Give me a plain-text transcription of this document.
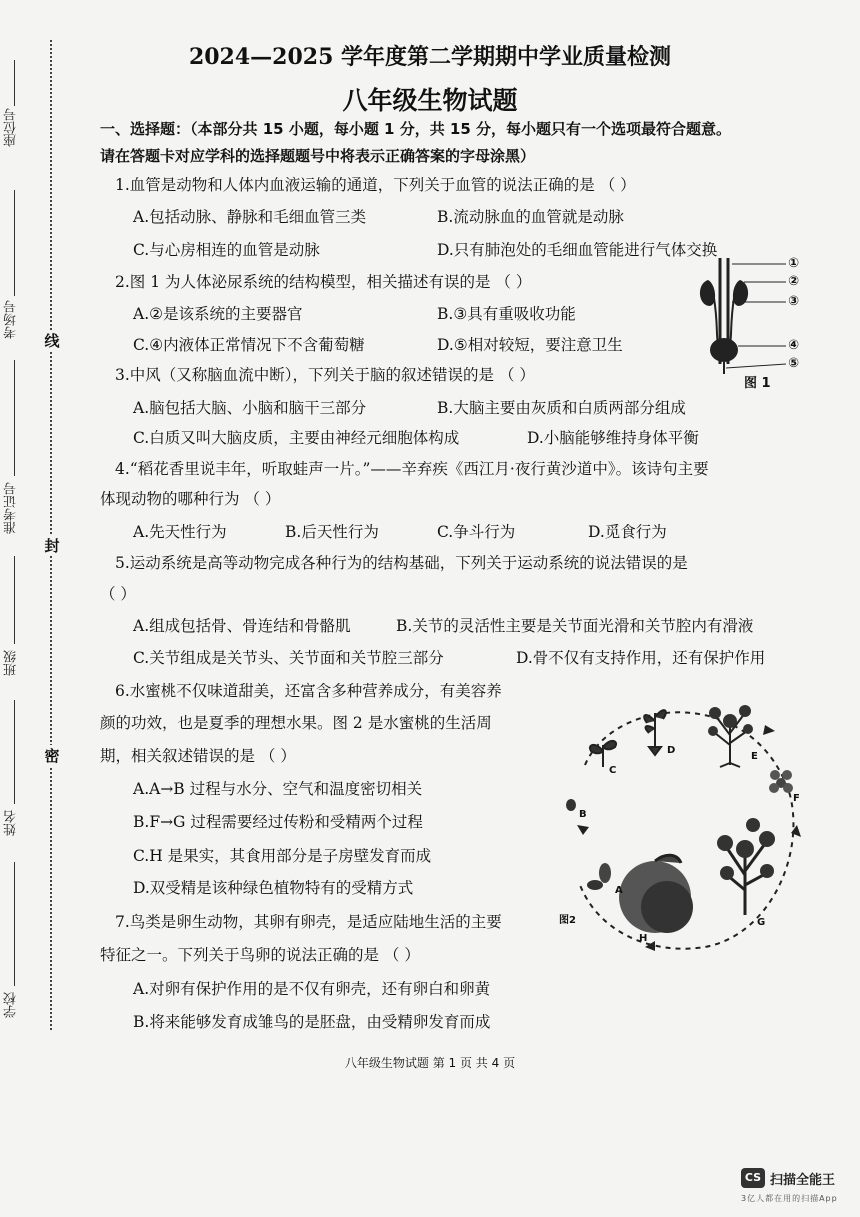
座位号
考场号
准考证号
班级
姓名
学校
线
封
密
2024—2025 学年度第二学期期中学业质量检测
八年级生物试题
一、选择题：（本部分共 15 小题，每小题 1 分，共 15 分，每小题只有一个选项最符合题意。
请在答题卡对应学科的选择题题号中将表示正确答案的字母涂黑）
1.血管是动物和人体内血液运输的通道，下列关于血管的说法正确的是 （ ）
A.包括动脉、静脉和毛细血管三类	B.流动脉血的血管就是动脉
C.与心房相连的血管是动脉	D.只有肺泡处的毛细血管能进行气体交换
2.图 1 为人体泌尿系统的结构模型，相关描述有误的是 （ ）
A.②是该系统的主要器官	B.③具有重吸收功能
C.④内液体正常情况下不含葡萄糖	D.⑤相对较短，要注意卫生
①
②
③
④
⑤
图 1
3.中风（又称脑血流中断），下列关于脑的叙述错误的是 （ ）
A.脑包括大脑、小脑和脑干三部分	B.大脑主要由灰质和白质两部分组成
C.白质又叫大脑皮质，主要由神经元细胞体构成	D.小脑能够维持身体平衡
4.“稻花香里说丰年，听取蛙声一片。”——辛弃疾《西江月·夜行黄沙道中》。该诗句主要
体现动物的哪种行为 （ ）
A.先天性行为	B.后天性行为	C.争斗行为	D.觅食行为
5.运动系统是高等动物完成各种行为的结构基础，下列关于运动系统的说法错误的是
（ ）
A.组成包括骨、骨连结和骨骼肌	B.关节的灵活性主要是关节面光滑和关节腔内有滑液
C.关节组成是关节头、关节面和关节腔三部分	D.骨不仅有支持作用，还有保护作用
6.水蜜桃不仅味道甜美，还富含多种营养成分，有美容养
颜的功效，也是夏季的理想水果。图 2 是水蜜桃的生活周
期，相关叙述错误的是 （ ）
A.A→B 过程与水分、空气和温度密切相关
B.F→G 过程需要经过传粉和受精两个过程
C.H 是果实，其食用部分是子房壁发育而成
D.双受精是该种绿色植物特有的受精方式
C
D
E
F
G
H
A
B
图2
7.鸟类是卵生动物，其卵有卵壳，是适应陆地生活的主要
特征之一。下列关于鸟卵的说法正确的是 （ ）
A.对卵有保护作用的是不仅有卵壳，还有卵白和卵黄
B.将来能够发育成雏鸟的是胚盘，由受精卵发育而成
八年级生物试题 第 1 页 共 4 页
CS 扫描全能王
3亿人都在用的扫描App
